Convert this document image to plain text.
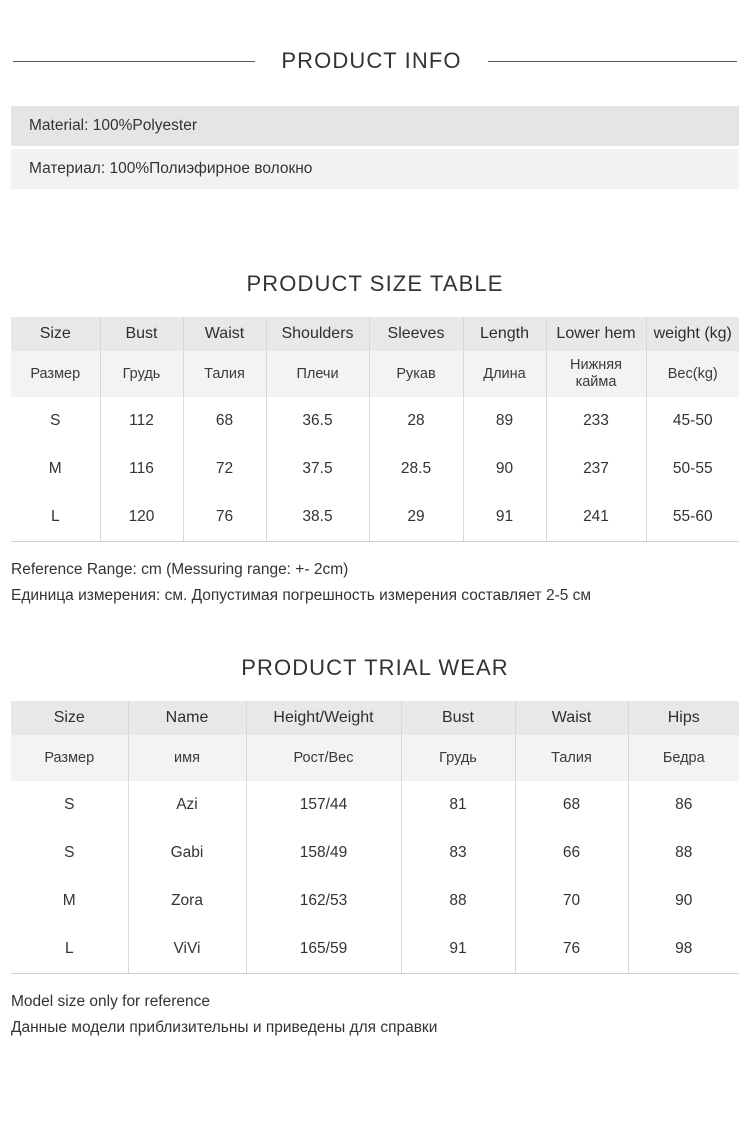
PRODUCT INFO
Material: 100%Polyester
Материал: 100%Полиэфирное волокно
PRODUCT SIZE TABLE
Size	Bust	Waist	Shoulders	Sleeves	Length	Lower hem	weight (kg)
Размер	Грудь	Талия	Плечи	Рукав	Длина	Нижняя кайма	Вес(kg)
S	112	68	36.5	28	89	233	45-50
M	116	72	37.5	28.5	90	237	50-55
L	120	76	38.5	29	91	241	55-60
Reference Range: cm (Messuring range: +- 2cm)
Единица измерения: см. Допустимая погрешность измерения составляет 2-5 см
PRODUCT TRIAL WEAR
Size	Name	Height/Weight	Bust	Waist	Hips
Размер	имя	Рост/Вес	Грудь	Талия	Бедра
S	Azi	157/44	81	68	86
S	Gabi	158/49	83	66	88
M	Zora	162/53	88	70	90
L	ViVi	165/59	91	76	98
Model size only for reference
Данные модели приблизительны и приведены для справки
